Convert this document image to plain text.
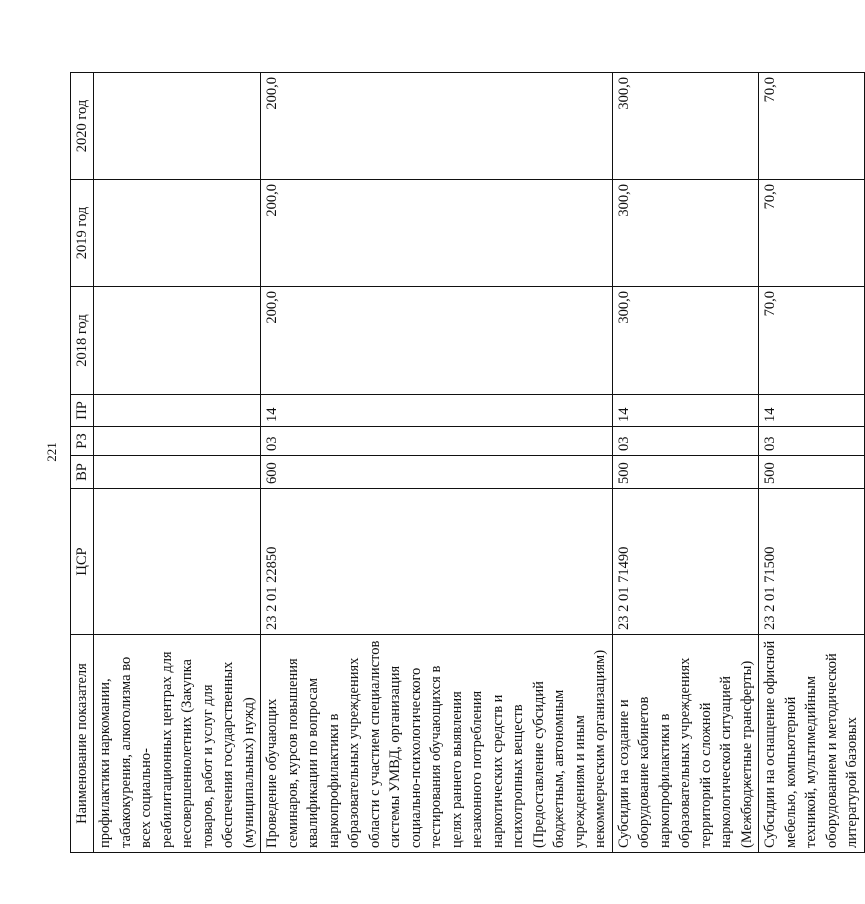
221
Наименование показателя	ЦСР	ВР	РЗ	ПР	2018 год	2019 год	2020 год
профилактики наркомании, табакокурения, алкоголизма во всех социально-реабилитационных центрах для несовершеннолетних (Закупка товаров, работ и услуг для обеспечения государственных (муниципальных) нужд)							
Проведение обучающих семинаров, курсов повышения квалификации по вопросам наркопрофилактики в образовательных учреждениях области с участием специалистов системы УМВД, организация социально-психологического тестирования обучающихся в целях раннего выявления незаконного потребления наркотических средств и психотропных веществ (Предоставление субсидий бюджетным, автономным учреждениям и иным некоммерческим организациям)	23 2 01 22850	600	03	14	200,0	200,0	200,0
Субсидии на создание и оборудование кабинетов наркопрофилактики в образовательных учреждениях территорий со сложной наркологической ситуацией (Межбюджетные трансферты)	23 2 01 71490	500	03	14	300,0	300,0	300,0
Субсидии на оснащение офисной мебелью, компьютерной техникой, мультимедийным оборудованием и методической литературой базовых	23 2 01 71500	500	03	14	70,0	70,0	70,0
